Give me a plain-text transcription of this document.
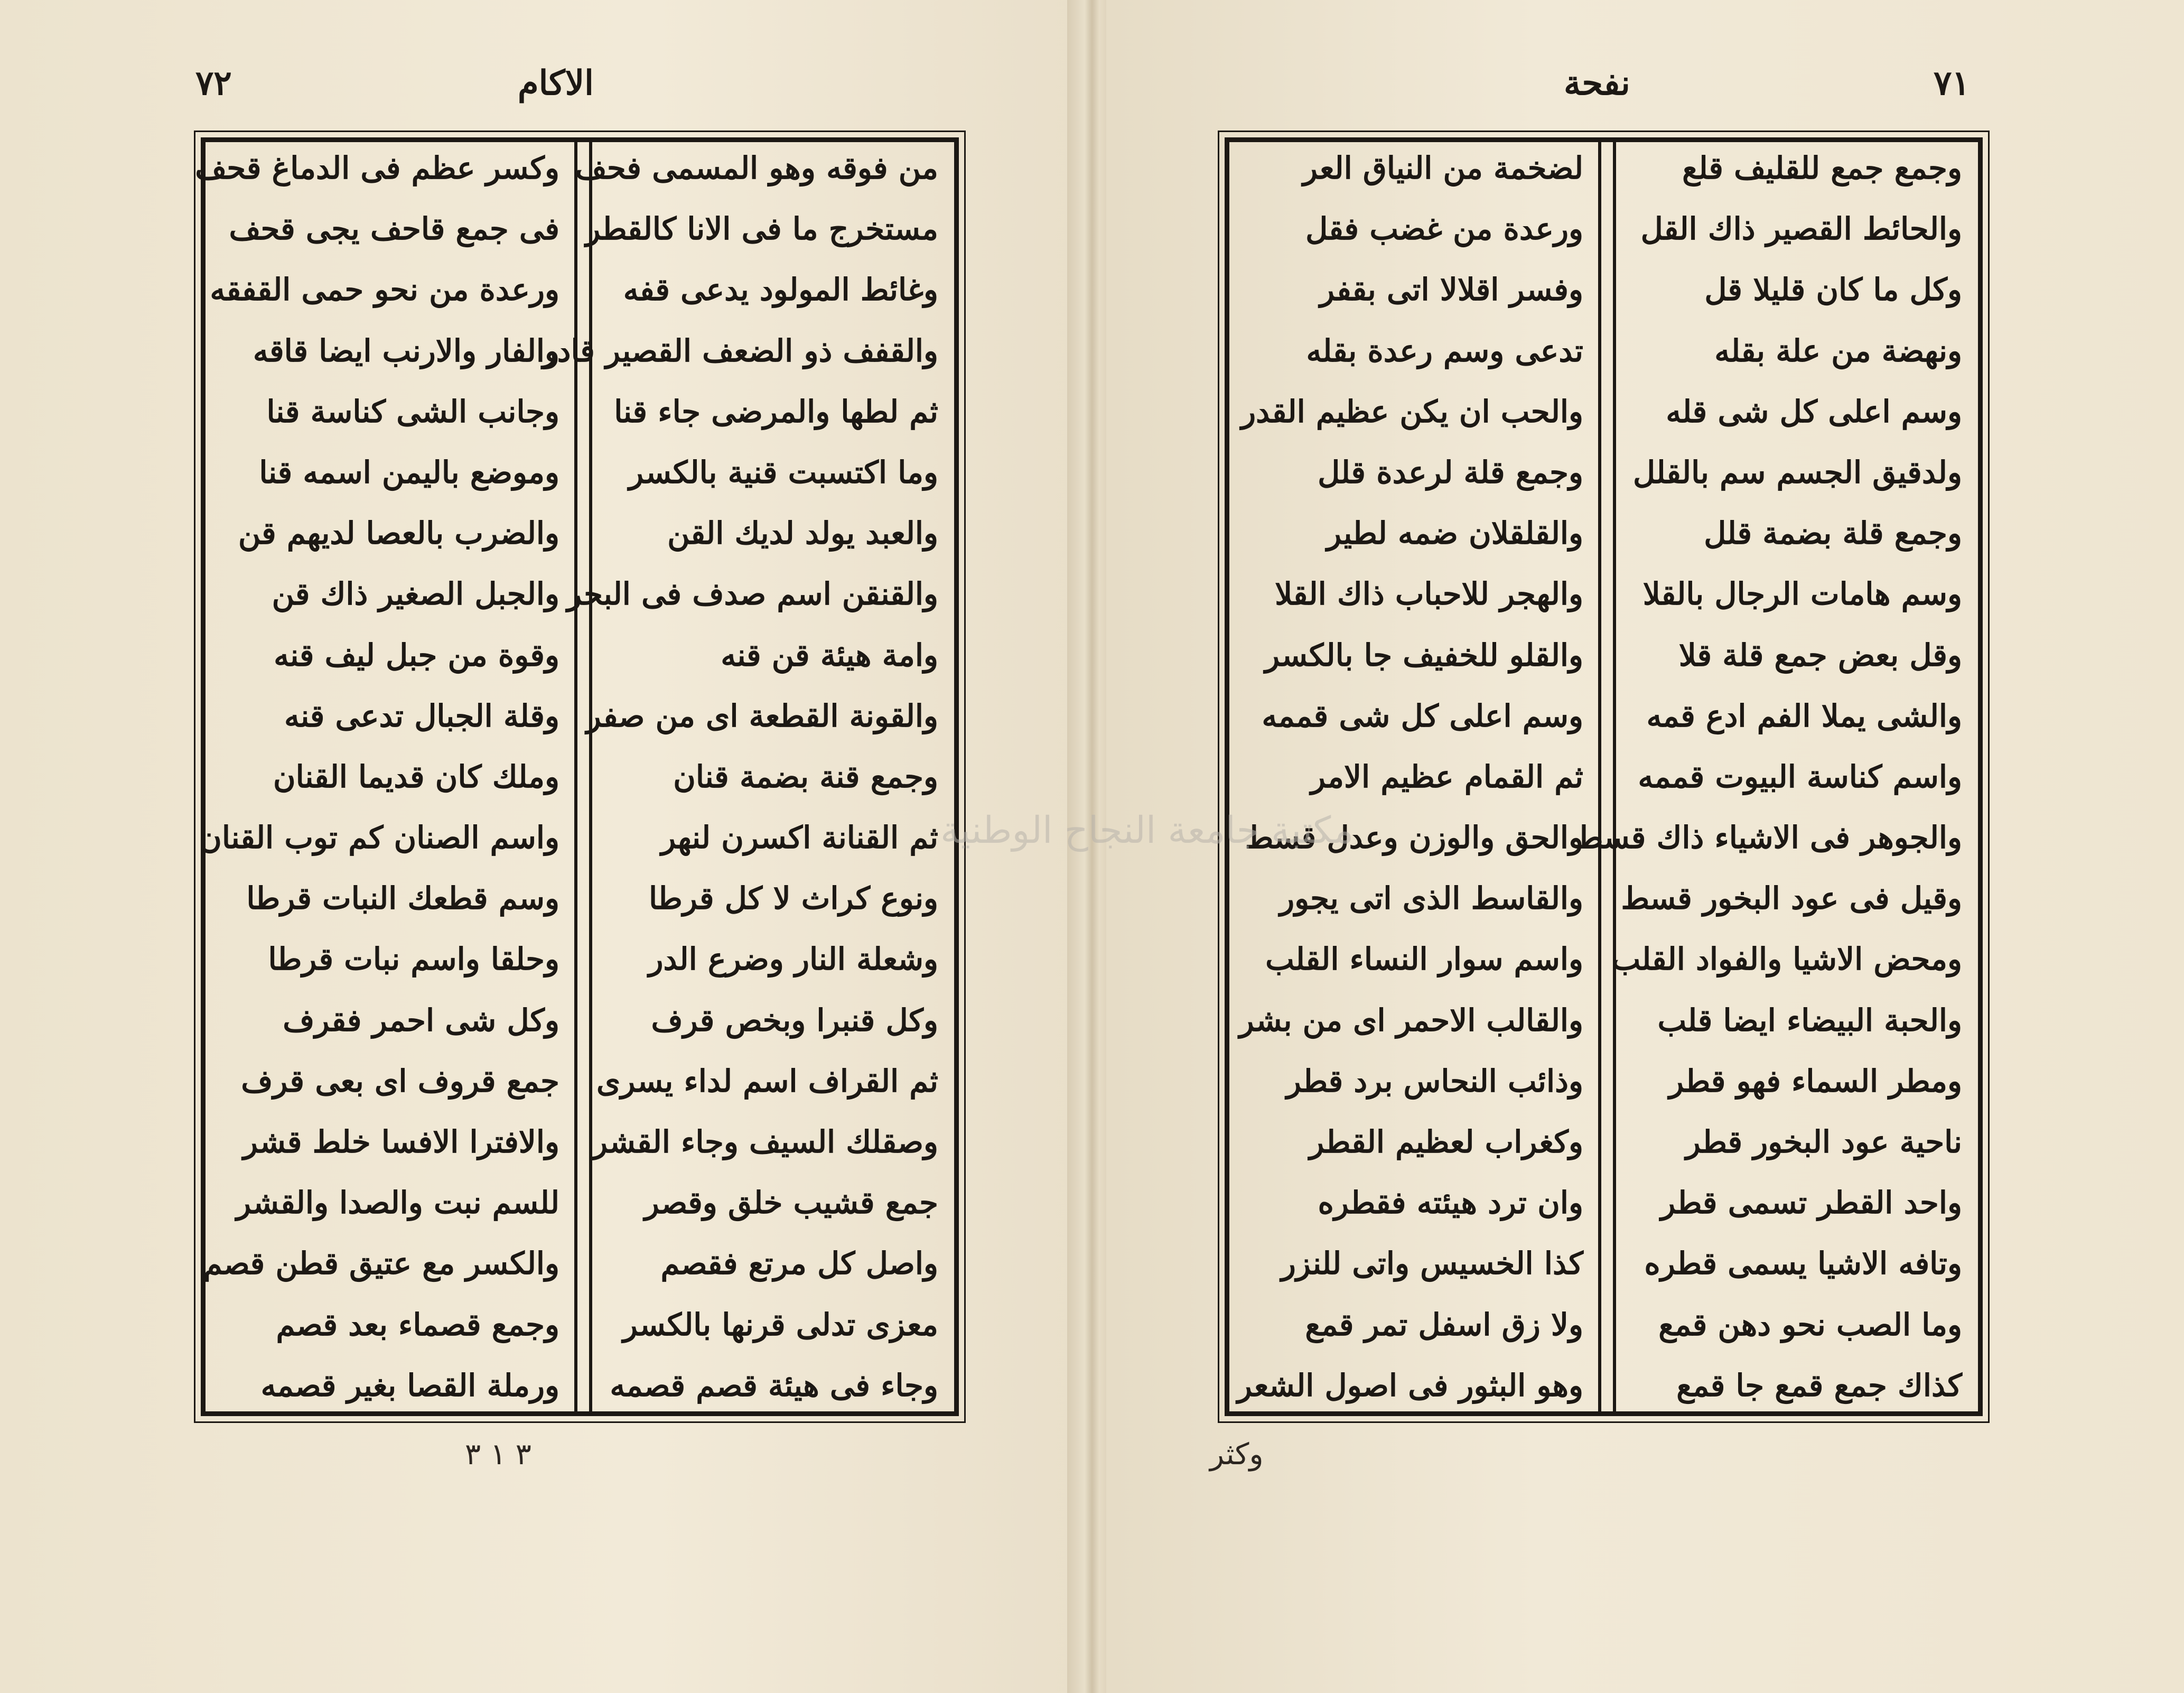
٧٢	الاكام
من فوقه وهو المسمى فحف
مستخرج ما فى الانا كالقطر
وغائط المولود يدعى قفه
والقفف ذو الضعف القصير قادر
ثم لطها والمرضى جاء قنا
وما اكتسبت قنية بالكسر
والعبد يولد لديك القن
والقنقن اسم صدف فى البحر
وامة هيئة قن قنه
والقونة القطعة اى من صفر
وجمع قنة بضمة قنان
ثم القنانة اكسرن لنهر
ونوع كراث لا كل قرطا
وشعلة النار وضرع الدر
وكل قنبرا وبخص قرف
ثم القراف اسم لداء يسرى
وصقلك السيف وجاء القشر
جمع قشيب خلق وقصر
واصل كل مرتع فقصم
معزى تدلى قرنها بالكسر
وجاء فى هيئة قصم قصمه
وكسر عظم فى الدماغ قحف
فى جمع قاحف يجى قحف
ورعدة من نحو حمى القفقه
والفار والارنب ايضا قاقه
وجانب الشى كناسة قنا
وموضع باليمن اسمه قنا
والضرب بالعصا لديهم قن
والجبل الصغير ذاك قن
وقوة من جبل ليف قنه
وقلة الجبال تدعى قنه
وملك كان قديما القنان
واسم الصنان كم توب القنان
وسم قطعك النبات قرطا
وحلقا واسم نبات قرطا
وكل شى احمر فقرف
جمع قروف اى بعى قرف
والافترا الافسا خلط قشر
للسم نبت والصدا والقشر
والكسر مع عتيق قطن قصم
وجمع قصماء بعد قصم
ورملة القصا بغير قصمه
٣ ١ ٣
نفحة	٧١
وجمع جمع للقليف قلع
والحائط القصير ذاك القل
وكل ما كان قليلا قل
ونهضة من علة بقله
وسم اعلى كل شى قله
ولدقيق الجسم سم بالقلل
وجمع قلة بضمة قلل
وسم هامات الرجال بالقلا
وقل بعض جمع قلة قلا
والشى يملا الفم ادع قمه
واسم كناسة البيوت قممه
والجوهر فى الاشياء ذاك قسط
وقيل فى عود البخور قسط
ومحض الاشيا والفواد القلب
والحبة البيضاء ايضا قلب
ومطر السماء فهو قطر
ناحية عود البخور قطر
واحد القطر تسمى قطر
وتافه الاشيا يسمى قطره
وما الصب نحو دهن قمع
كذاك جمع قمع جا قمع
لضخمة من النياق العر
ورعدة من غضب فقل
وفسر اقلالا اتى بقفر
تدعى وسم رعدة بقله
والحب ان يكن عظيم القدر
وجمع قلة لرعدة قلل
والقلقلان ضمه لطير
والهجر للاحباب ذاك القلا
والقلو للخفيف جا بالكسر
وسم اعلى كل شى قممه
ثم القمام عظيم الامر
والحق والوزن وعدل قسط
والقاسط الذى اتى يجور
واسم سوار النساء القلب
والقالب الاحمر اى من بشر
وذائب النحاس برد قطر
وكغراب لعظيم القطر
وان ترد هيئته فقطره
كذا الخسيس واتى للنزر
ولا زق اسفل تمر قمع
وهو البثور فى اصول الشعر
وكثر
مكتبة جامعة النجاح الوطنية
